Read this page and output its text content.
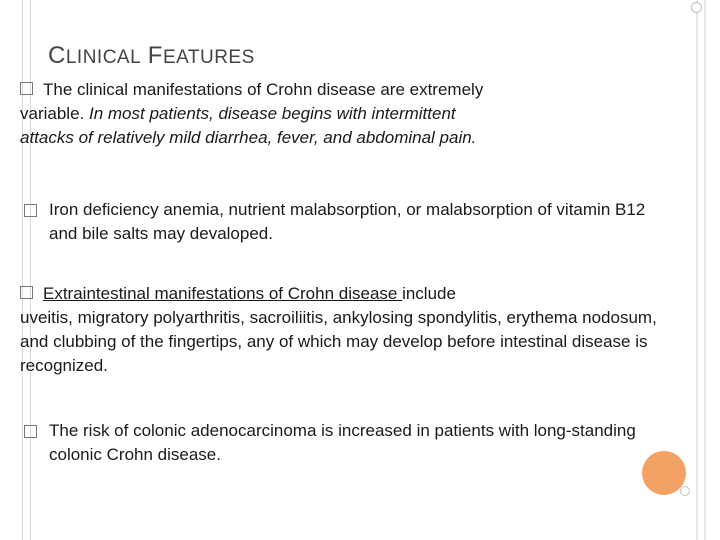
CLINICAL FEATURES
The clinical manifestations of Crohn disease are extremely
variable. In most patients, disease begins with intermittent
attacks of relatively mild diarrhea, fever, and abdominal pain.
Iron deficiency anemia, nutrient malabsorption, or malabsorption of vitamin B12 and bile salts may devaloped.
Extraintestinal manifestations of Crohn disease include
uveitis, migratory polyarthritis, sacroiliitis, ankylosing spondylitis, erythema nodosum, and clubbing of the fingertips, any of which may develop before intestinal disease is recognized.
The risk of colonic adenocarcinoma is increased in patients with long-standing colonic Crohn disease.
